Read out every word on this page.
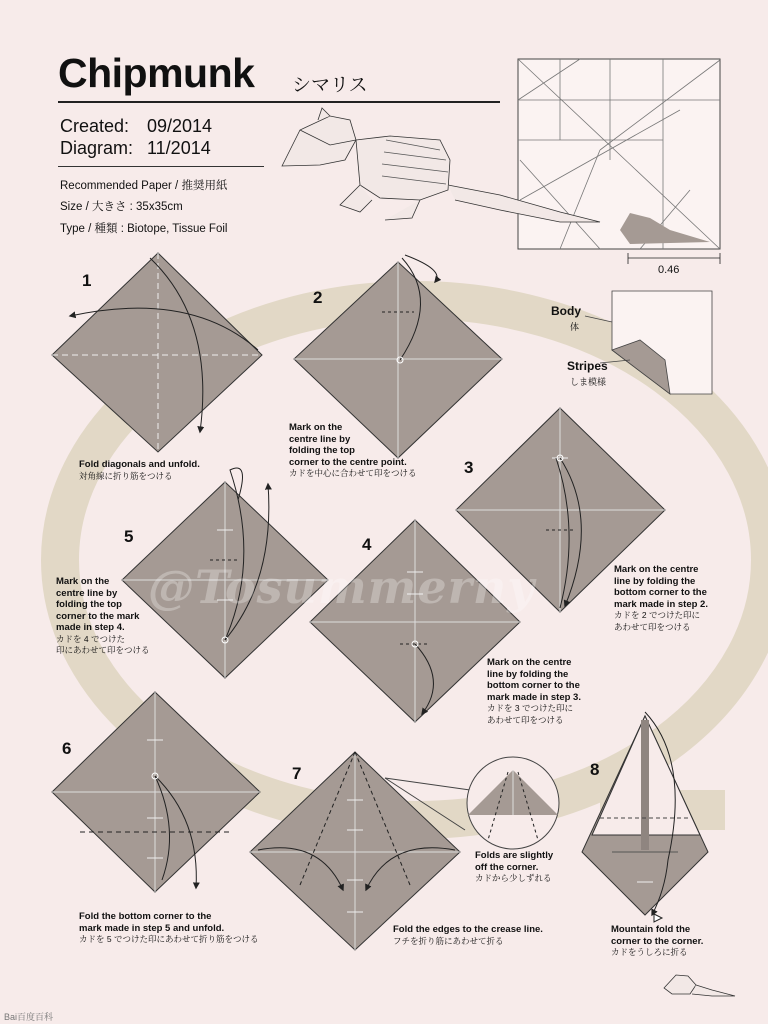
Chipmunk シマリス
Created: 09/2014
Diagram: 11/2014
Recommended Paper / 推奨用紙
Size / 大きさ : 35x35cm
Type / 種類 : Biotope, Tissue Foil
Body
体
Stripes
しま模様
0.46
@Tosummerny
1
2
3
4
5
6
7	8
Fold diagonals and unfold.
対角線に折り筋をつける
Mark on the
centre line by
folding the top
corner to the centre point.
カドを中心に合わせて印をつける
Mark on the centre
line by folding the
bottom corner to the
mark made in step 2.
カドを 2 でつけた印に
あわせて印をつける
Mark on the centre
line by folding the
bottom corner to the
mark made in step 3.
カドを 3 でつけた印に
あわせて印をつける
Mark on the
centre line by
folding the top
corner to the mark
made in step 4.
カドを 4 でつけた
印にあわせて印をつける
Fold the bottom corner to the
mark made in step 5 and unfold.
カドを 5 でつけた印にあわせて折り筋をつける
Fold the edges to the crease line.
フチを折り筋にあわせて折る
Folds are slightly
off the corner.
カドから少しずれる
Mountain fold the
corner to the corner.
カドをうしろに折る
Bai百度百科
